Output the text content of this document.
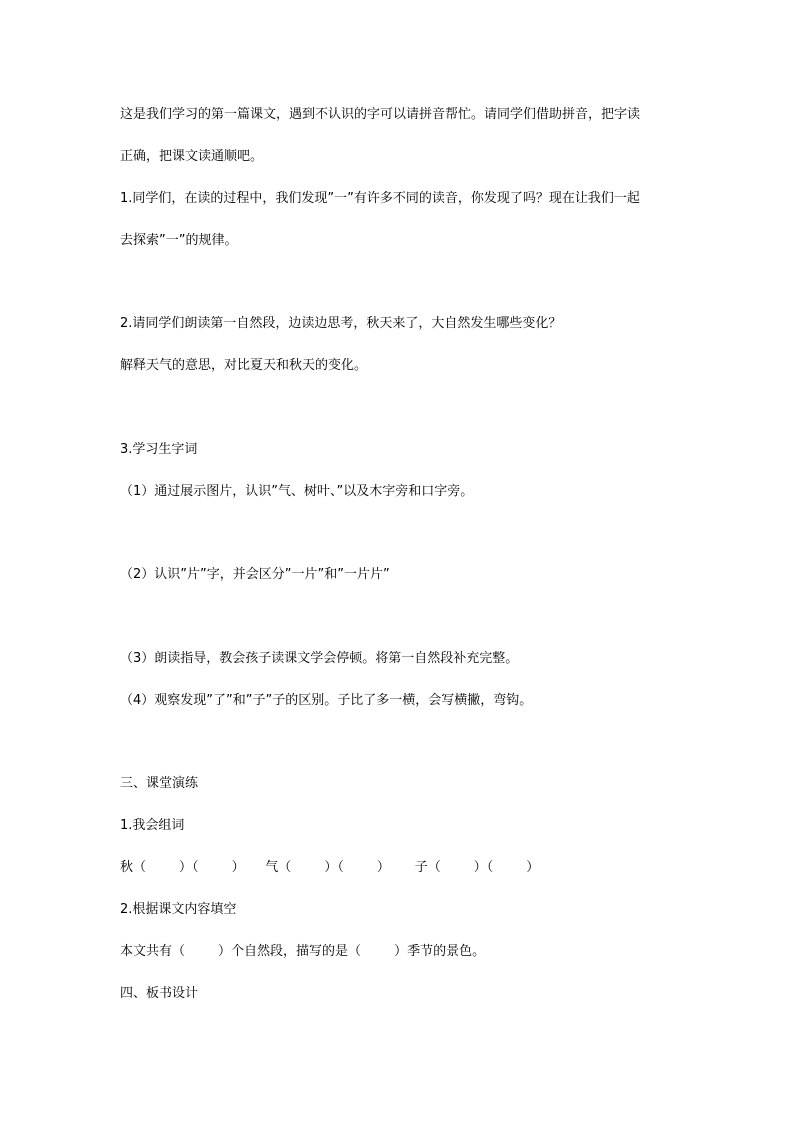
这是我们学习的第一篇课文，遇到不认识的字可以请拼音帮忙。请同学们借助拼音，把字读

正确，把课文读通顺吧。

1.同学们，在读的过程中，我们发现”一”有许多不同的读音，你发现了吗？现在让我们一起

去探索”一”的规律。

2.请同学们朗读第一自然段，边读边思考，秋天来了，大自然发生哪些变化？

解释天气的意思，对比夏天和秋天的变化。

3.学习生字词

（1）通过展示图片，认识”气、树叶、”以及木字旁和口字旁。

（2）认识”片”字，并会区分”一片”和”一片片”

（3）朗读指导，教会孩子读课文学会停顿。将第一自然段补充完整。

（4）观察发现”了”和”子”子的区别。子比了多一横，会写横撇，弯钩。

三、课堂演练

1.我会组词

秋（        ）（        ）     气（        ）（        ）      子（        ）（        ）

2.根据课文内容填空

本文共有（        ）个自然段，描写的是（        ）季节的景色。

四、板书设计
